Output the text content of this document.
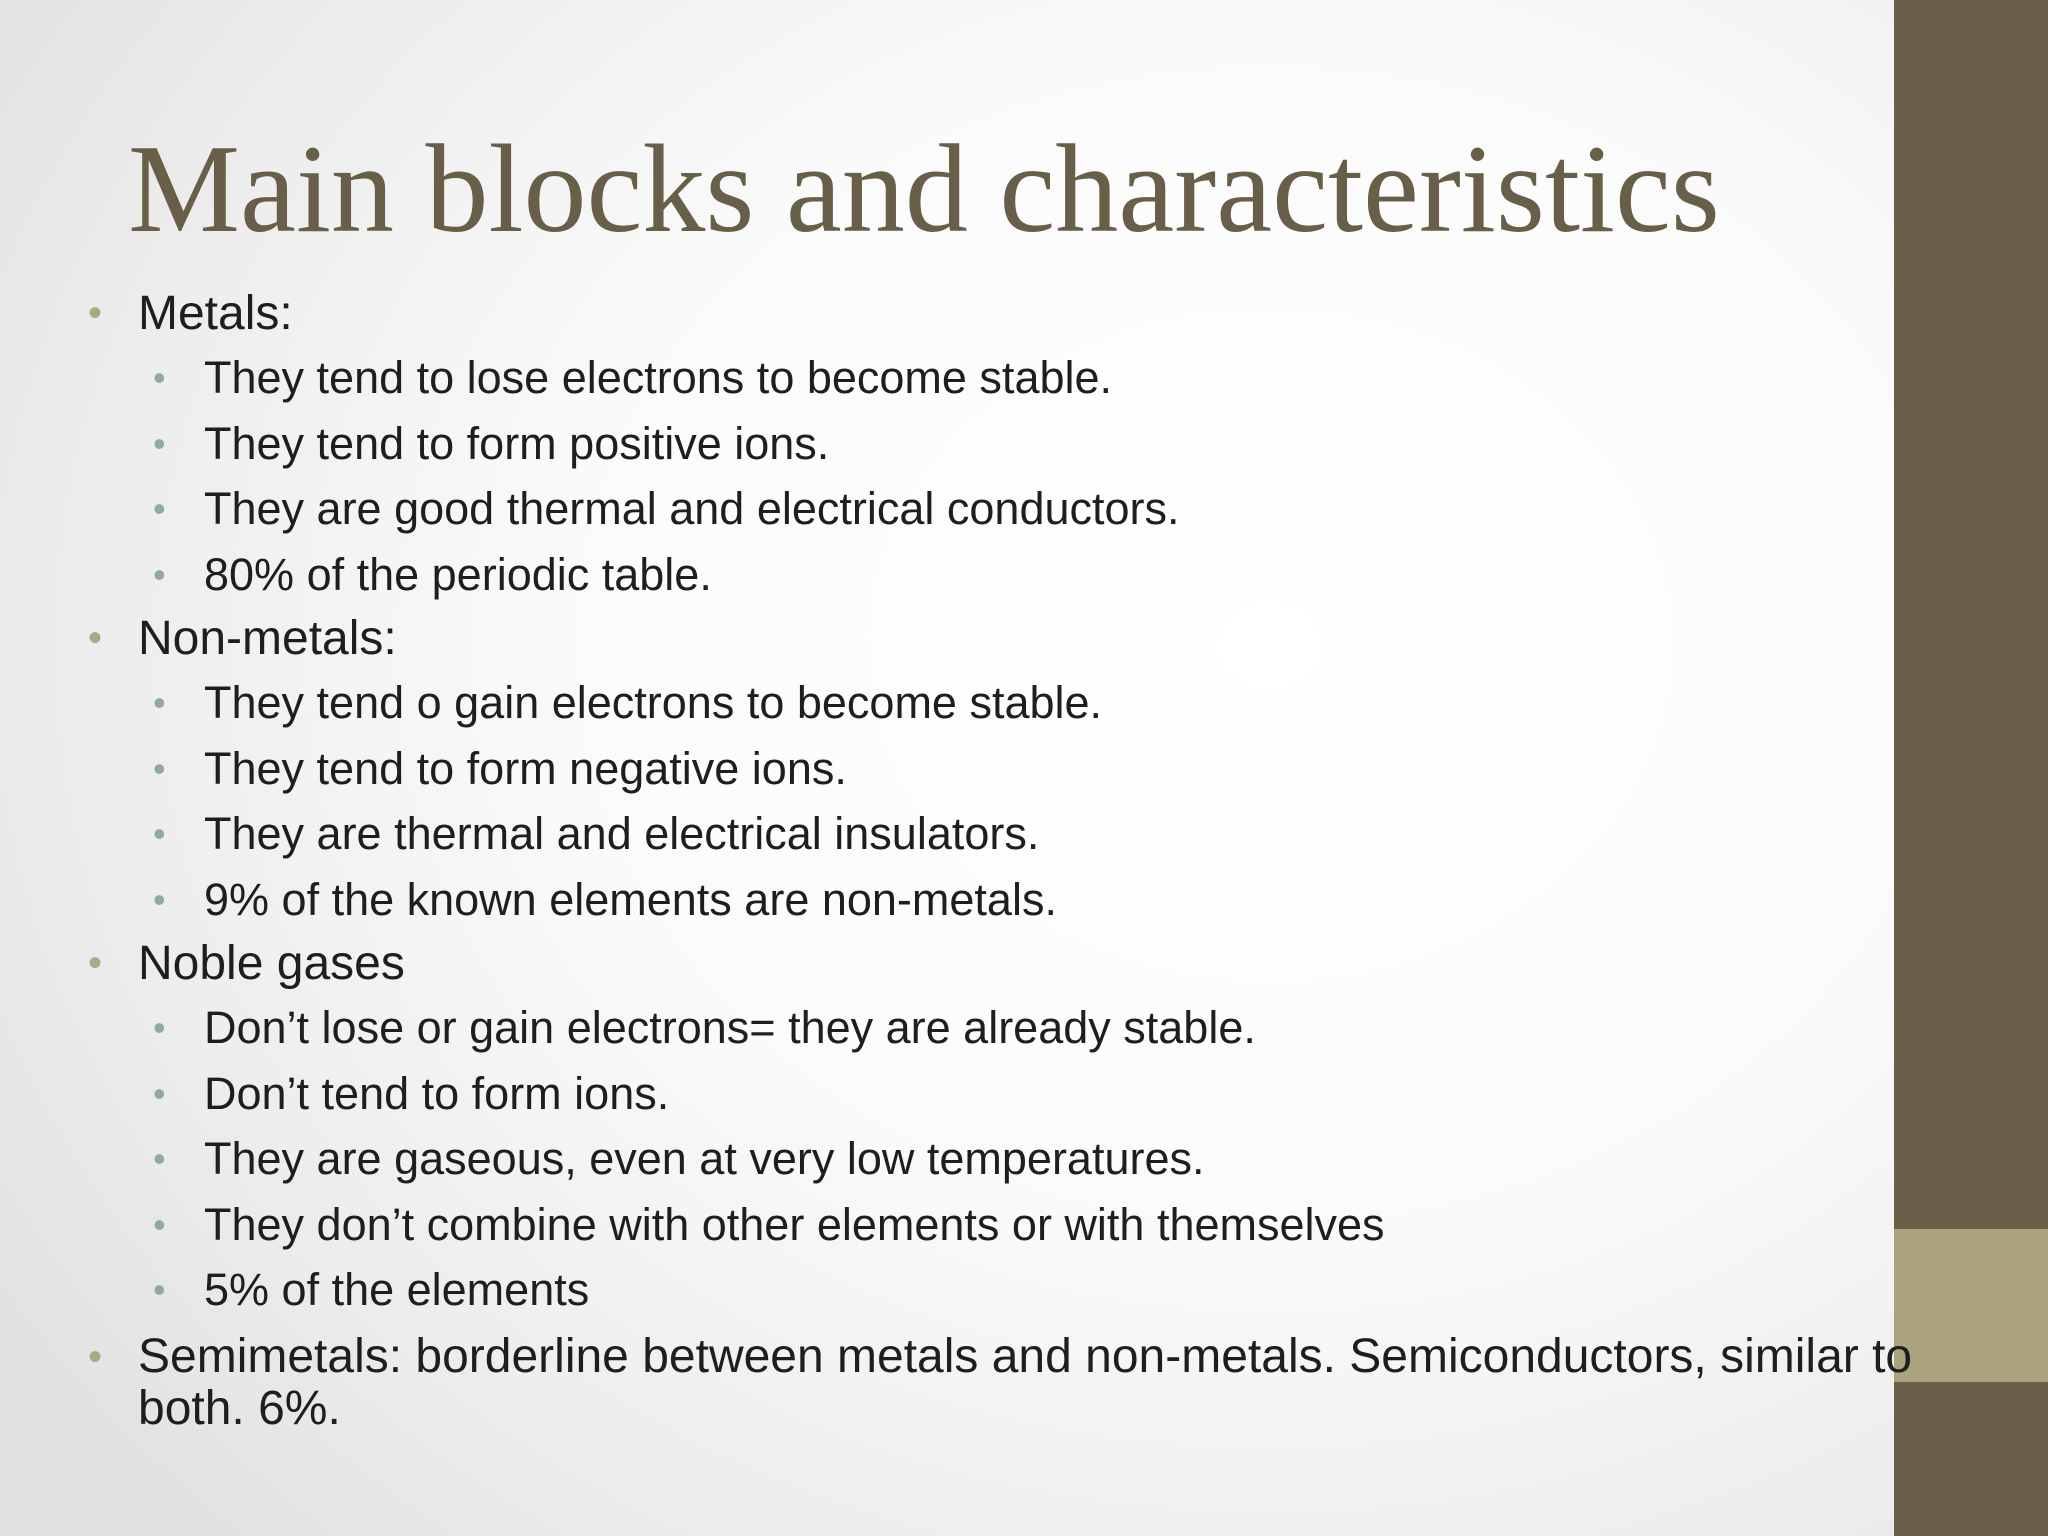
Main blocks and characteristics
• Metals:
• They tend to lose electrons to become stable.
• They tend to form positive ions.
• They are good thermal and electrical conductors.
• 80% of the periodic table.
• Non-metals:
• They tend o gain electrons to become stable.
• They tend to form negative ions.
• They are thermal and electrical insulators.
• 9% of the known elements are non-metals.
• Noble gases
• Don’t lose or gain electrons= they are already stable.
• Don’t tend to form ions.
• They are gaseous, even at very low temperatures.
• They don’t combine with other elements or with themselves
• 5% of the elements
• Semimetals: borderline between metals and non-metals. Semiconductors, similar to both. 6%.
